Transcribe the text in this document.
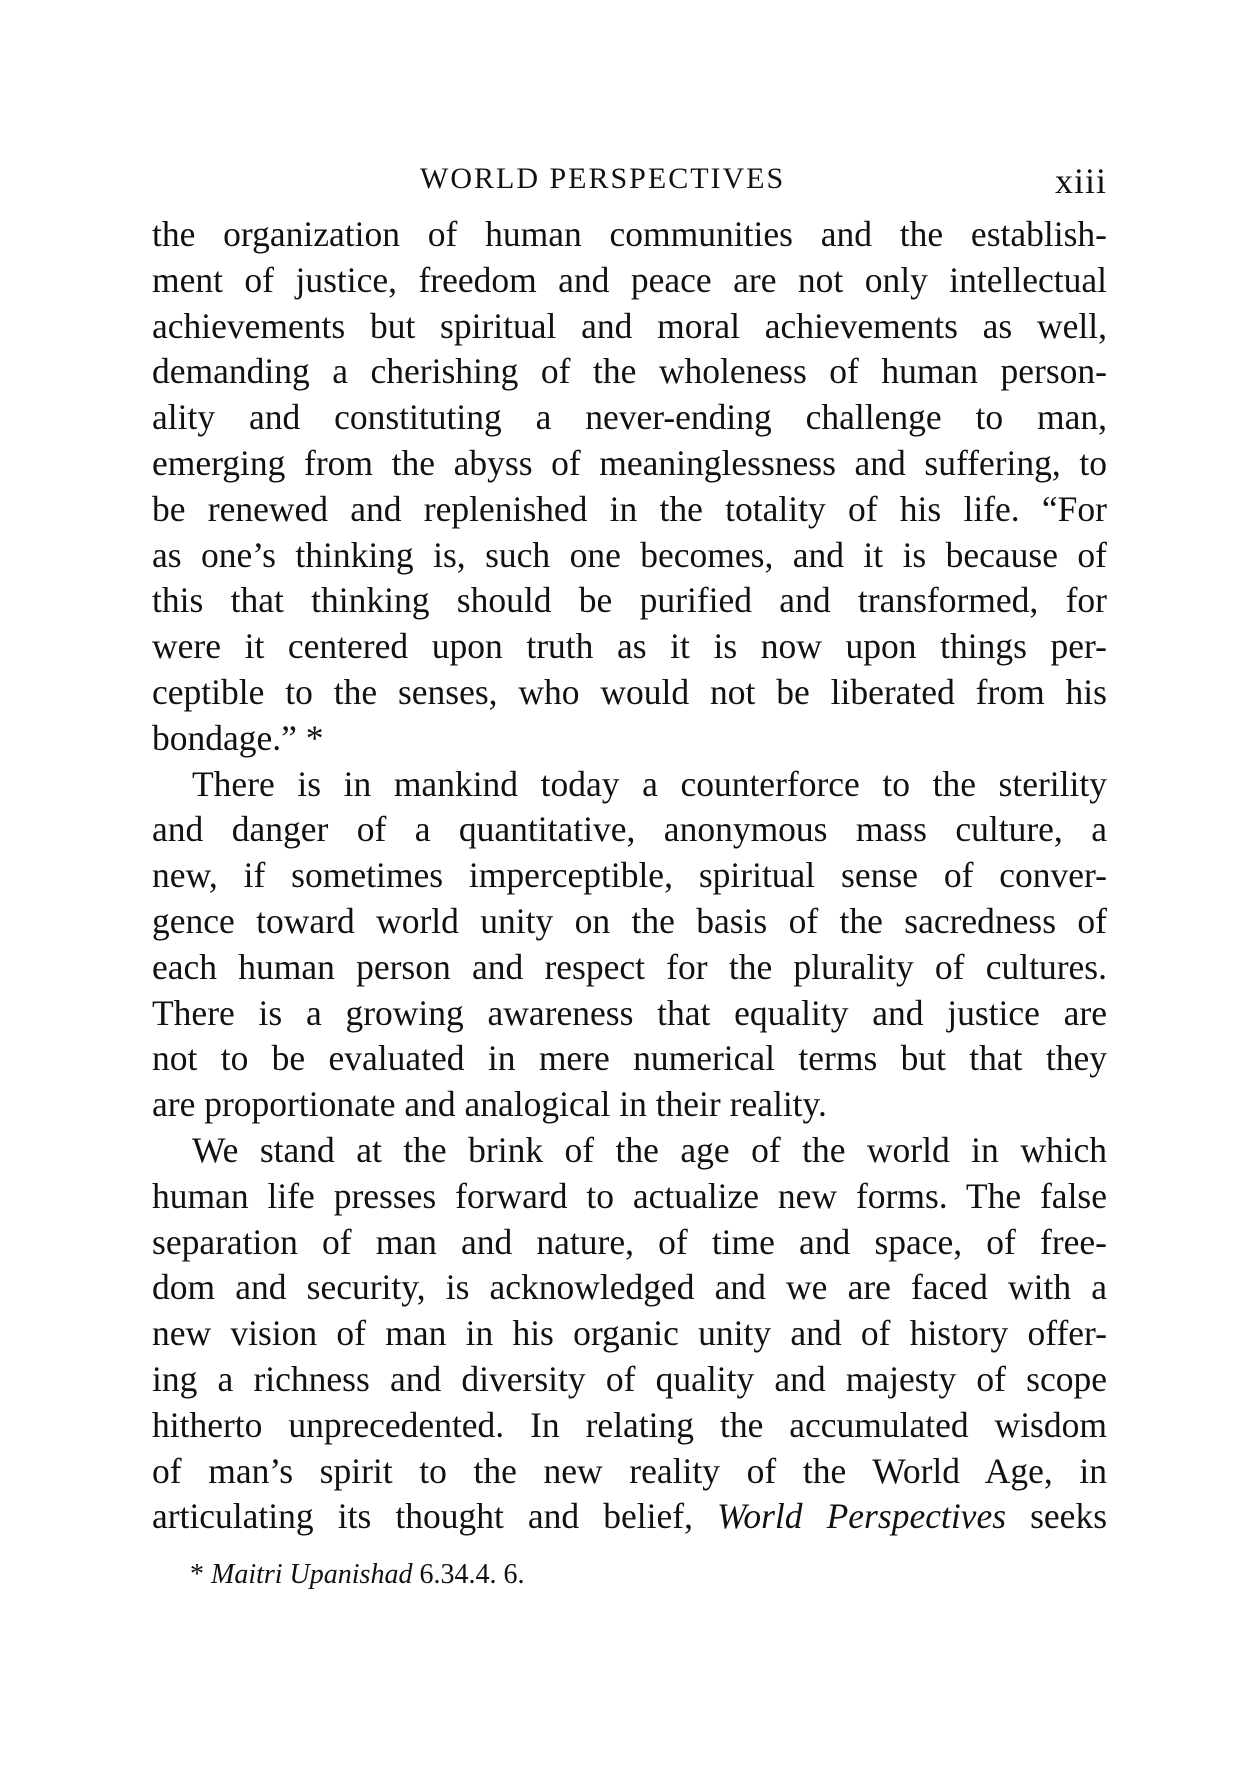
WORLD PERSPECTIVES	xiii
the organization of human communities and the establish-
ment of justice, freedom and peace are not only intellectual
achievements but spiritual and moral achievements as well,
demanding a cherishing of the wholeness of human person-
ality and constituting a never-ending challenge to man,
emerging from the abyss of meaninglessness and suffering, to
be renewed and replenished in the totality of his life. “For
as one’s thinking is, such one becomes, and it is because of
this that thinking should be purified and transformed, for
were it centered upon truth as it is now upon things per-
ceptible to the senses, who would not be liberated from his
bondage.” *
There is in mankind today a counterforce to the sterility
and danger of a quantitative, anonymous mass culture, a
new, if sometimes imperceptible, spiritual sense of conver-
gence toward world unity on the basis of the sacredness of
each human person and respect for the plurality of cultures.
There is a growing awareness that equality and justice are
not to be evaluated in mere numerical terms but that they
are proportionate and analogical in their reality.
We stand at the brink of the age of the world in which
human life presses forward to actualize new forms. The false
separation of man and nature, of time and space, of free-
dom and security, is acknowledged and we are faced with a
new vision of man in his organic unity and of history offer-
ing a richness and diversity of quality and majesty of scope
hitherto unprecedented. In relating the accumulated wisdom
of man’s spirit to the new reality of the World Age, in
articulating its thought and belief, World Perspectives seeks
* Maitri Upanishad 6.34.4. 6.
